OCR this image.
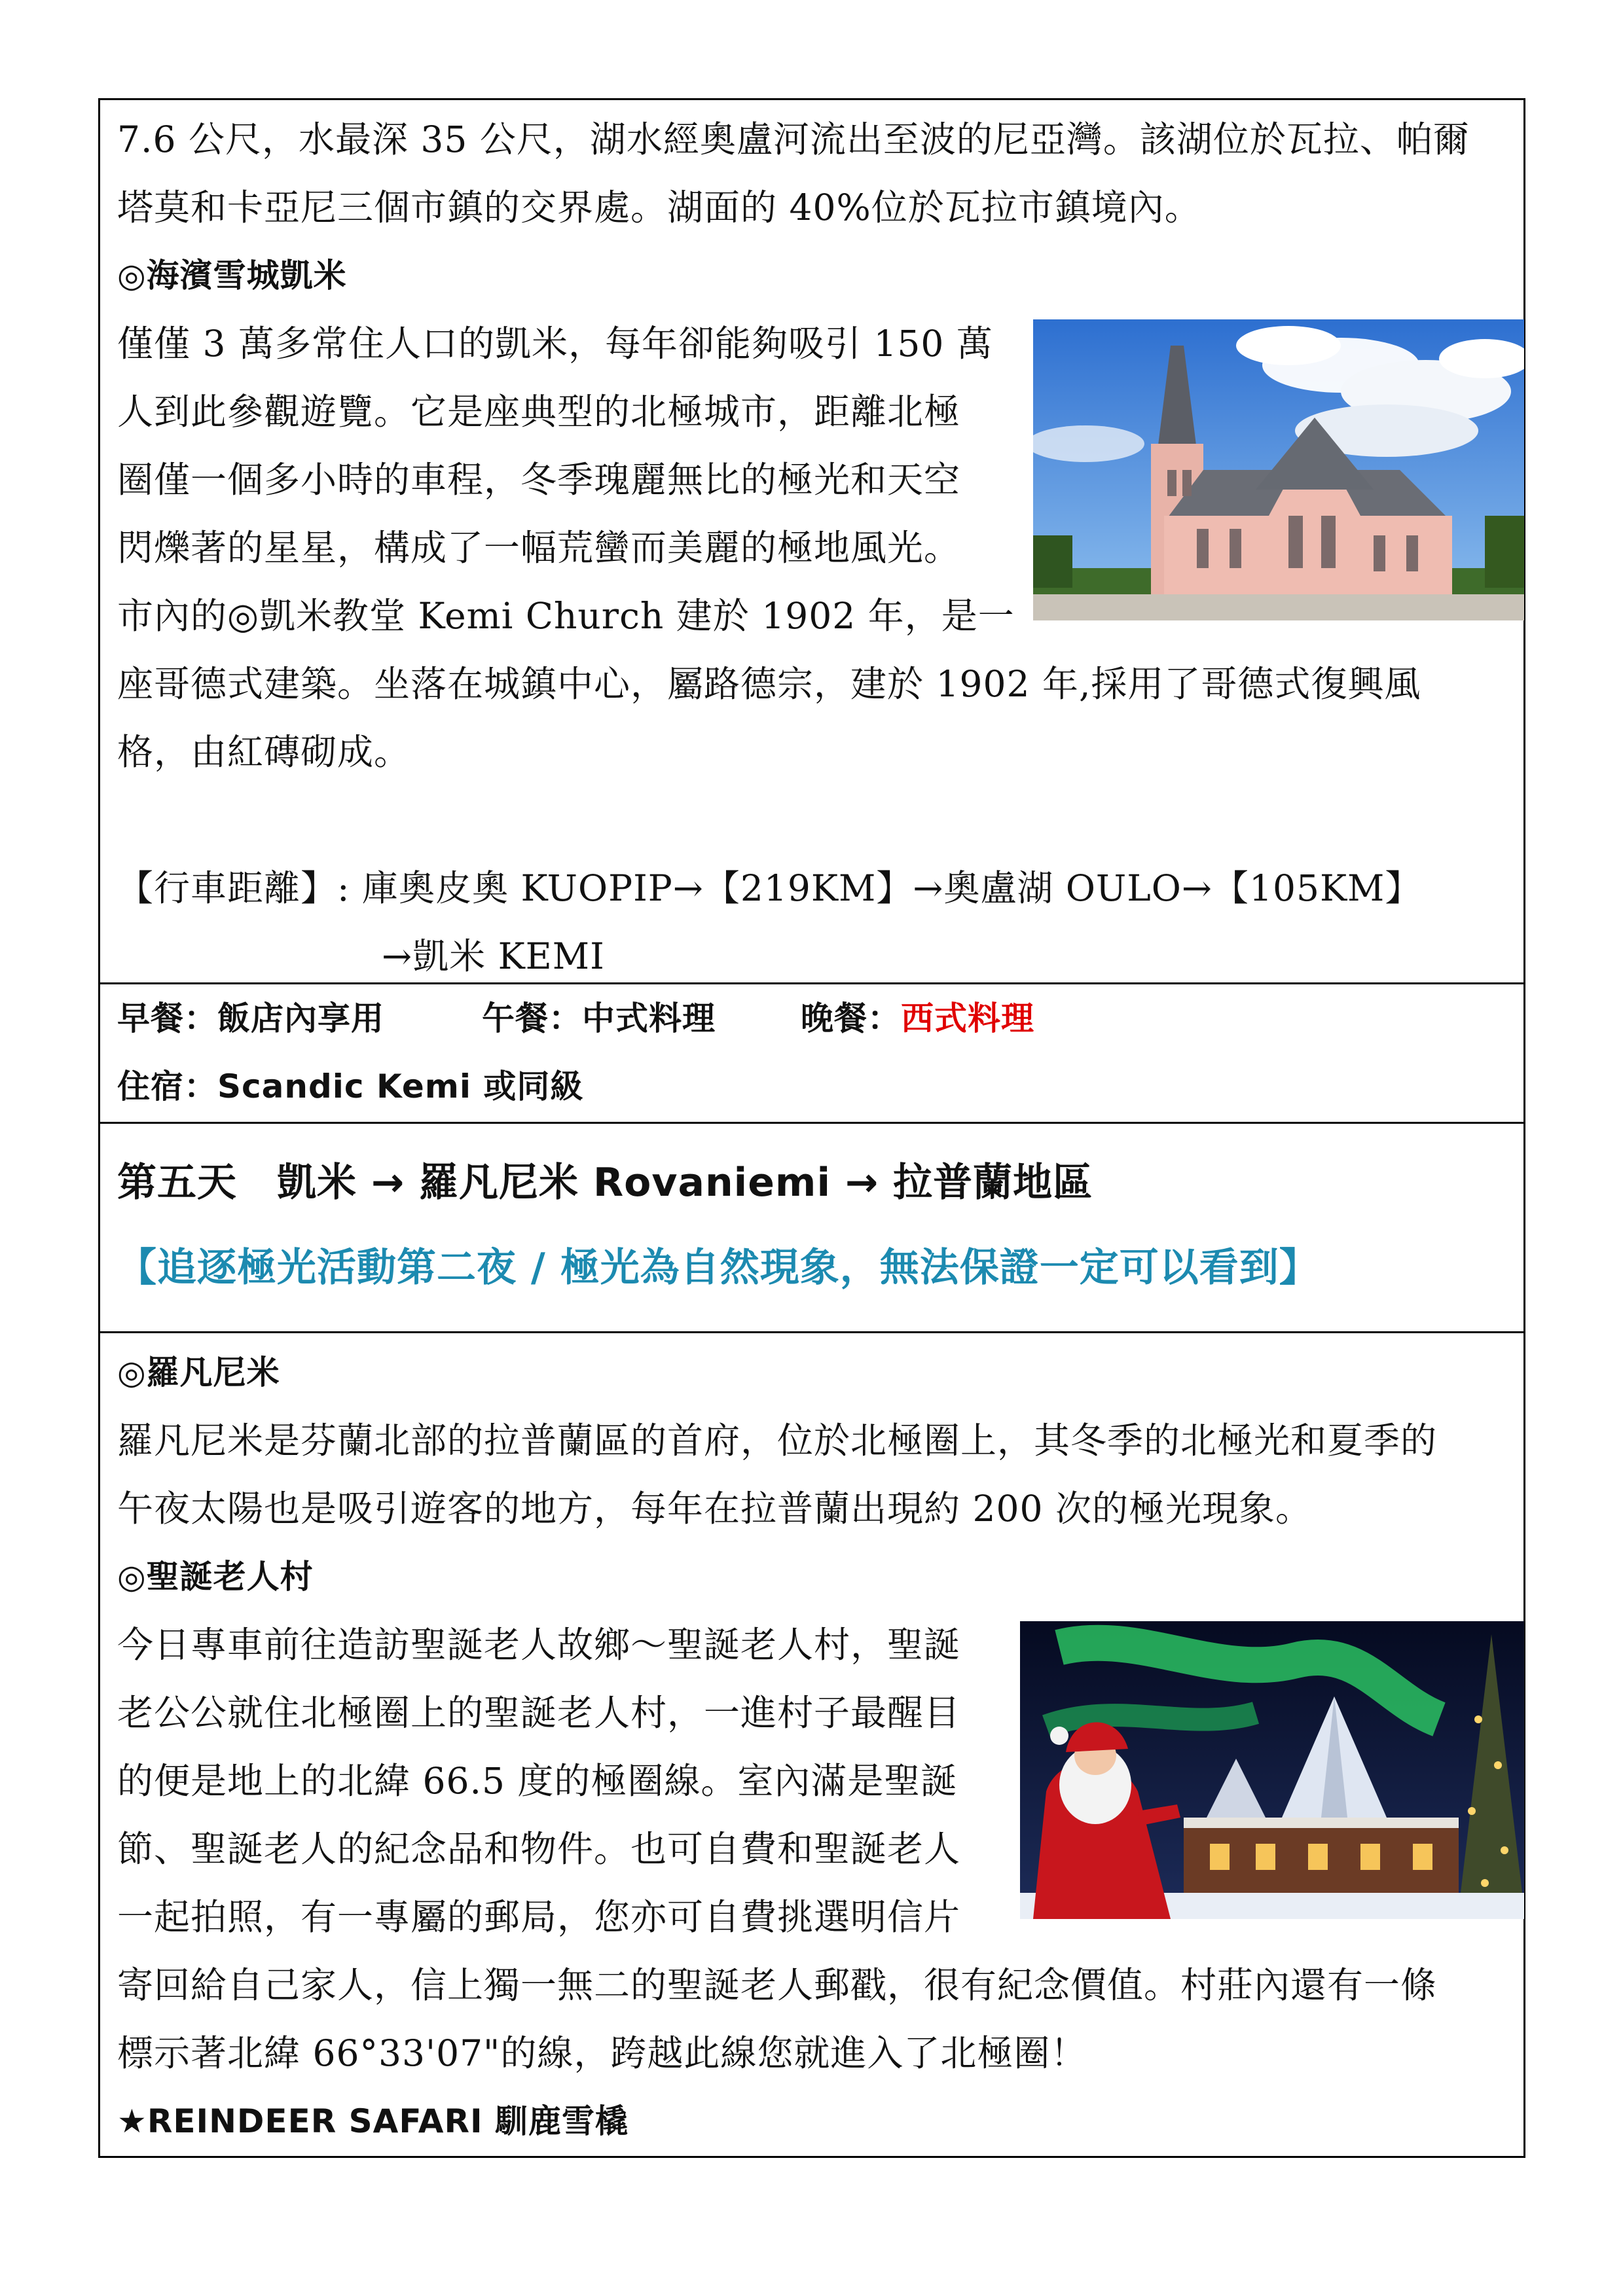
7.6 公尺，水最深 35 公尺，湖水經奧盧河流出至波的尼亞灣。該湖位於瓦拉、帕爾
塔莫和卡亞尼三個市鎮的交界處。湖面的 40%位於瓦拉市鎮境內。
◎海濱雪城凱米
僅僅 3 萬多常住人口的凱米，每年卻能夠吸引 150 萬
人到此參觀遊覽。它是座典型的北極城市，距離北極
圈僅一個多小時的車程，冬季瑰麗無比的極光和天空
閃爍著的星星，構成了一幅荒蠻而美麗的極地風光。
市內的◎凱米教堂 Kemi Church 建於 1902 年，是一
座哥德式建築。坐落在城鎮中心，屬路德宗，建於 1902 年,採用了哥德式復興風
格，由紅磚砌成。
【行車距離】: 庫奧皮奧 KUOPIP→【219KM】→奧盧湖 OULO→【105KM】
→凱米 KEMI
早餐：飯店內享用	午餐：中式料理	晚餐：西式料理
住宿：Scandic Kemi 或同級
第五天　凱米 → 羅凡尼米 Rovaniemi → 拉普蘭地區
【追逐極光活動第二夜 / 極光為自然現象，無法保證一定可以看到】
◎羅凡尼米
羅凡尼米是芬蘭北部的拉普蘭區的首府，位於北極圈上，其冬季的北極光和夏季的
午夜太陽也是吸引遊客的地方，每年在拉普蘭出現約 200 次的極光現象。
◎聖誕老人村
今日專車前往造訪聖誕老人故鄉～聖誕老人村，聖誕
老公公就住北極圈上的聖誕老人村，一進村子最醒目
的便是地上的北緯 66.5 度的極圈線。室內滿是聖誕
節、聖誕老人的紀念品和物件。也可自費和聖誕老人
一起拍照，有一專屬的郵局，您亦可自費挑選明信片
寄回給自己家人，信上獨一無二的聖誕老人郵戳，很有紀念價值。村莊內還有一條
標示著北緯 66°33'07"的線，跨越此線您就進入了北極圈！
★REINDEER SAFARI 馴鹿雪橇
